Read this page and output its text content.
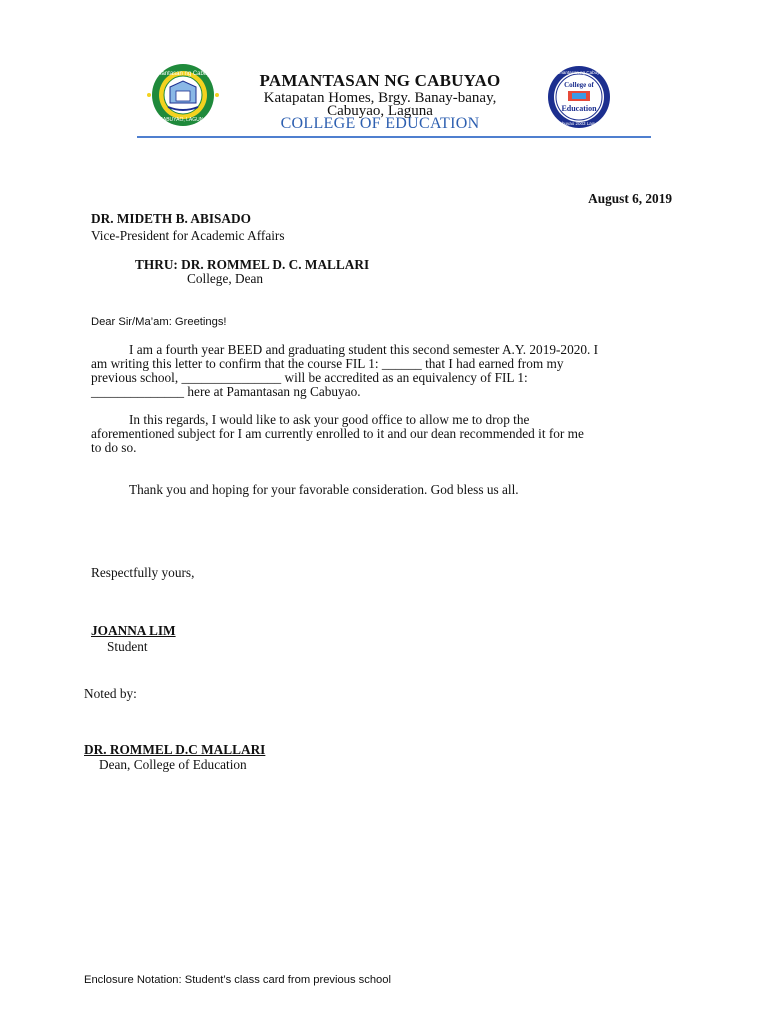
Pamantasan ng Cabuyao
CABUYAO, LAGUNA
PAMANTASAN NG CABUYAO
Katapatan Homes, Brgy. Banay-banay,
Cabuyao, Laguna
COLLEGE OF EDUCATION
College of
Education
Pamantasan ng Cabuyao
Cabuyao 2003 Laguna
August 6, 2019
DR. MIDETH B. ABISADO
Vice-President for Academic Affairs
THRU: DR. ROMMEL D. C. MALLARI
College, Dean
Dear Sir/Ma’am: Greetings!
I am a fourth year BEED and graduating student this second semester A.Y. 2019-2020. I
am writing this letter to confirm that the course FIL 1: ______ that I had earned from my
previous school, _______________ will be accredited as an equivalency of FIL 1:
______________ here at Pamantasan ng Cabuyao.
In this regards, I would like to ask your good office to allow me to drop the
aforementioned subject for I am currently enrolled to it and our dean recommended it for me
to do so.
Thank you and hoping for your favorable consideration. God bless us all.
Respectfully yours,
JOANNA LIM
Student
Noted by:
DR. ROMMEL D.C MALLARI
Dean, College of Education
Enclosure Notation: Student’s class card from previous school
